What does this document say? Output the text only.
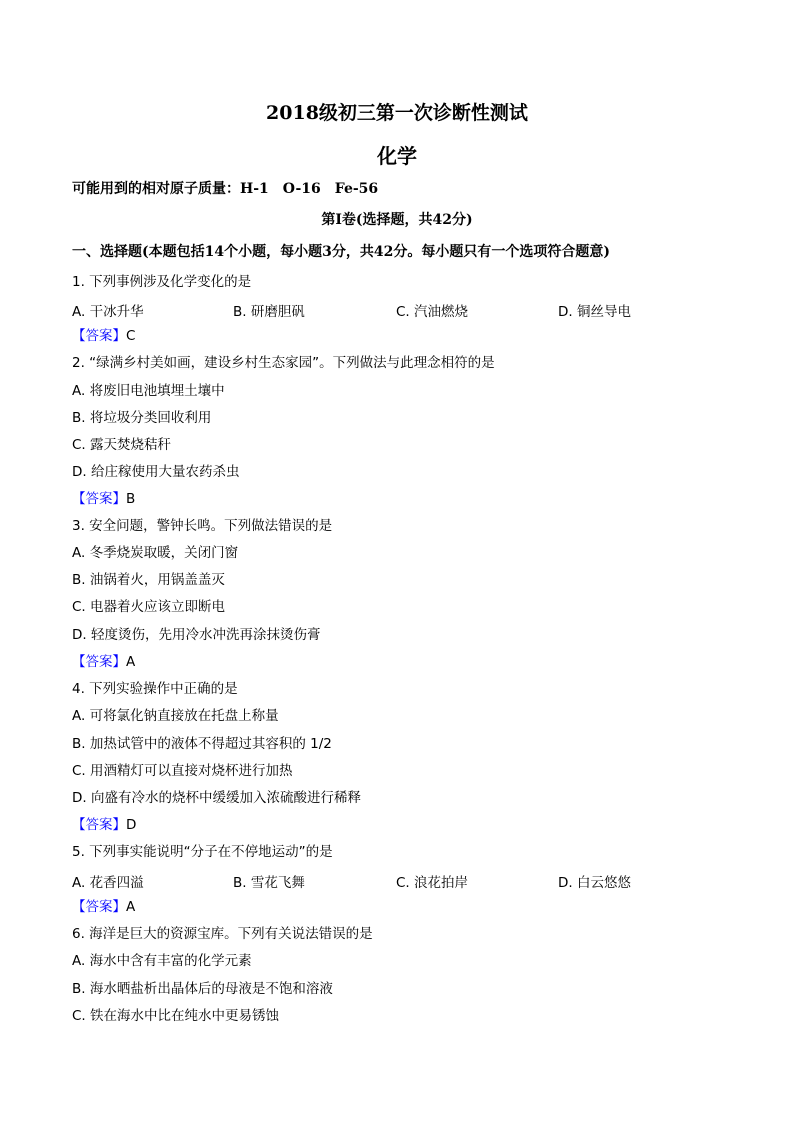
2018级初三第一次诊断性测试
化学
可能用到的相对原子质量：H-1　O-16　Fe-56
第Ⅰ卷(选择题，共42分)
一、选择题(本题包括14个小题，每小题3分，共42分。每小题只有一个选项符合题意)
1. 下列事例涉及化学变化的是
A. 干冰升华	B. 研磨胆矾	C. 汽油燃烧	D. 铜丝导电
【答案】C
2. “绿满乡村美如画，建设乡村生态家园”。下列做法与此理念相符的是
A. 将废旧电池填埋土壤中
B. 将垃圾分类回收利用
C. 露天焚烧秸秆
D. 给庄稼使用大量农药杀虫
【答案】B
3. 安全问题，警钟长鸣。下列做法错误的是
A. 冬季烧炭取暖，关闭门窗
B. 油锅着火，用锅盖盖灭
C. 电器着火应该立即断电
D. 轻度烫伤，先用冷水冲洗再涂抹烫伤膏
【答案】A
4. 下列实验操作中正确的是
A. 可将氯化钠直接放在托盘上称量
B. 加热试管中的液体不得超过其容积的 1/2
C. 用酒精灯可以直接对烧杯进行加热
D. 向盛有冷水的烧杯中缓缓加入浓硫酸进行稀释
【答案】D
5. 下列事实能说明“分子在不停地运动”的是
A. 花香四溢	B. 雪花飞舞	C. 浪花拍岸	D. 白云悠悠
【答案】A
6. 海洋是巨大的资源宝库。下列有关说法错误的是
A. 海水中含有丰富的化学元素
B. 海水晒盐析出晶体后的母液是不饱和溶液
C. 铁在海水中比在纯水中更易锈蚀
